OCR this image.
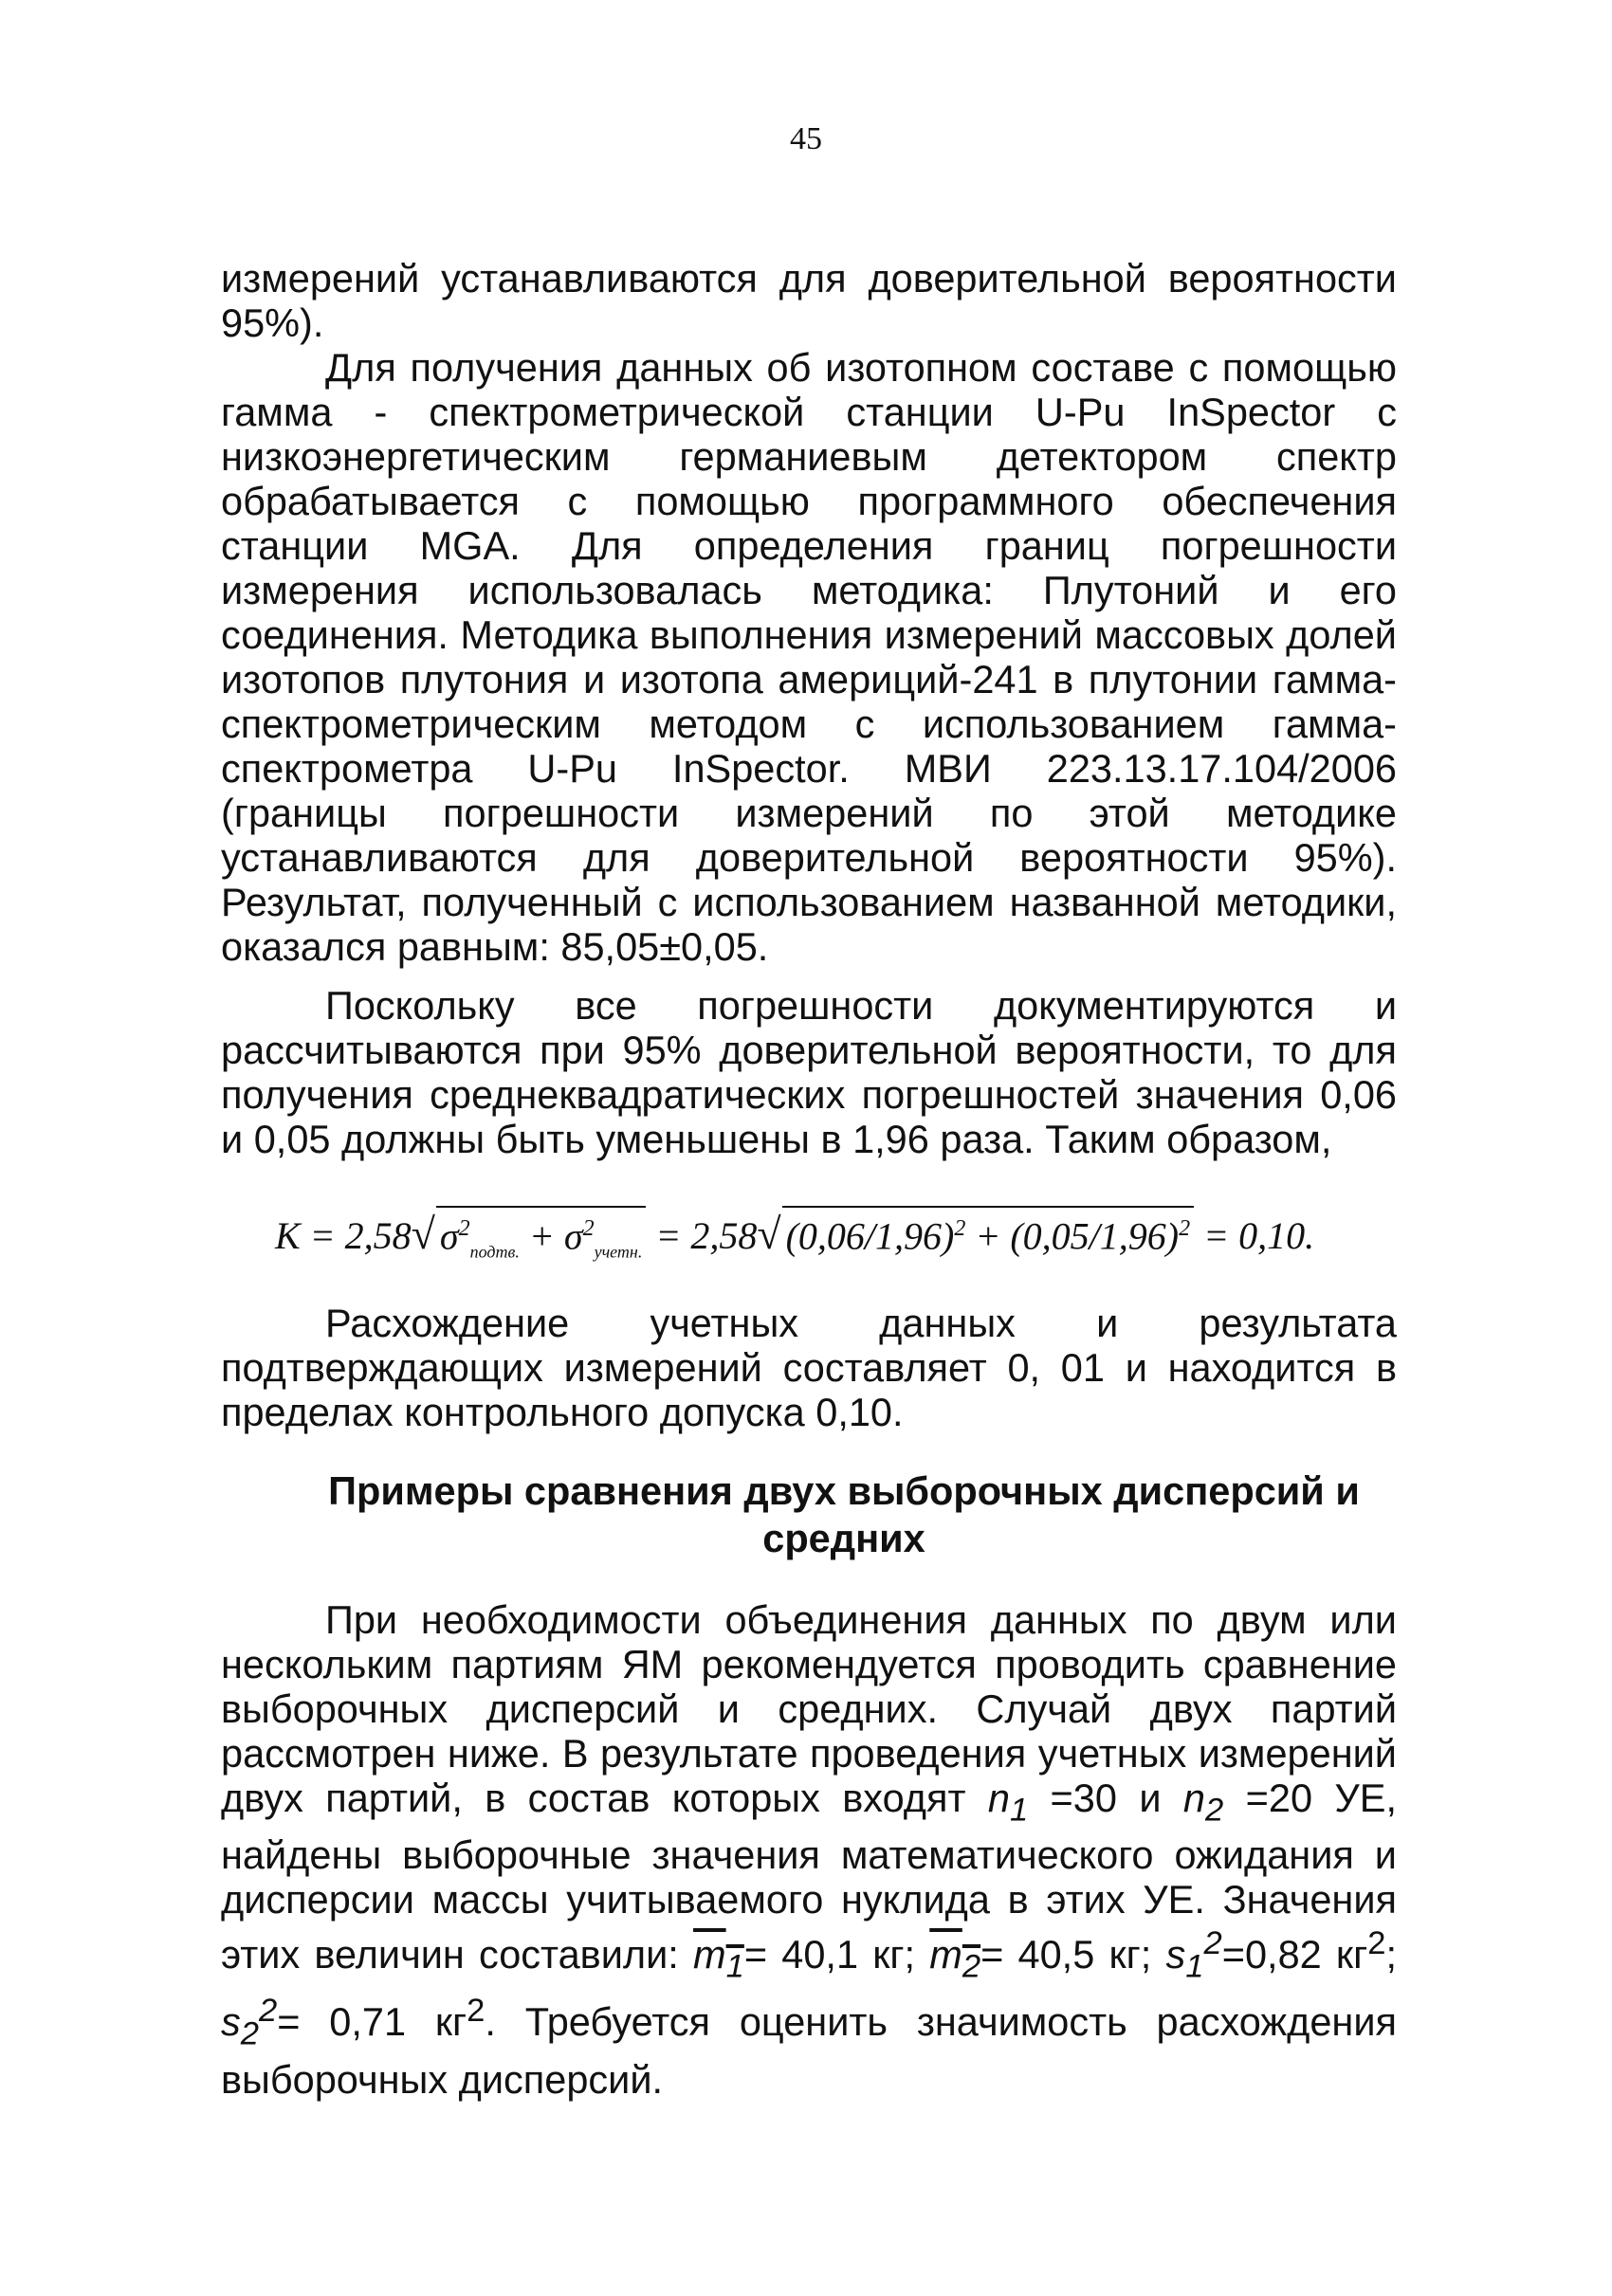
45

измерений устанавливаются для доверительной вероятности 95%).

Для получения данных об изотопном составе с помощью гамма - спектрометрической станции U-Pu InSpector с низкоэнергетическим германиевым детектором спектр обрабатывается с помощью программного обеспечения станции MGA. Для определения границ погрешности измерения использовалась методика: Плутоний и его соединения. Методика выполнения измерений массовых долей изотопов плутония и изотопа америций-241 в плутонии гамма-спектрометрическим методом с использованием гамма-спектрометра U-Pu InSpector. МВИ 223.13.17.104/2006 (границы погрешности измерений по этой методике устанавливаются для доверительной вероятности 95%). Результат, полученный с использованием названной методики, оказался равным: 85,05±0,05.

Поскольку все погрешности документируются и рассчитываются при 95% доверительной вероятности, то для получения среднеквадратических погрешностей значения 0,06 и 0,05 должны быть уменьшены в 1,96 раза. Таким образом,

K = 2,58√ $\sigma^2_{подтв.} + \sigma^2_{учетн.} = 2,58√$ $(0,06/1,96)^2 + (0,05/1,96)^2 = 0,10$.

Расхождение учетных данных и результата подтверждающих измерений составляет 0, 01 и находится в пределах контрольного допуска 0,10.

Примеры сравнения двух выборочных дисперсий и
средних

При необходимости объединения данных по двум или нескольким партиям ЯМ рекомендуется проводить сравнение выборочных дисперсий и средних. Случай двух партий рассмотрен ниже. В результате проведения учетных измерений двух партий, в состав которых входят $n_1 =30$ и $n_2 =20$ УЕ, найдены выборочные значения математического ожидания и дисперсии массы учитываемого нуклида в этих УЕ. Значения этих величин составили: $m_1= 40,1$ кг; $m_2= 40,5$ кг; $s_1^2=0,82$ $кг^2$; $s_2^2= 0,71$ $кг^2$. Требуется оценить значимость расхождения выборочных дисперсий.
